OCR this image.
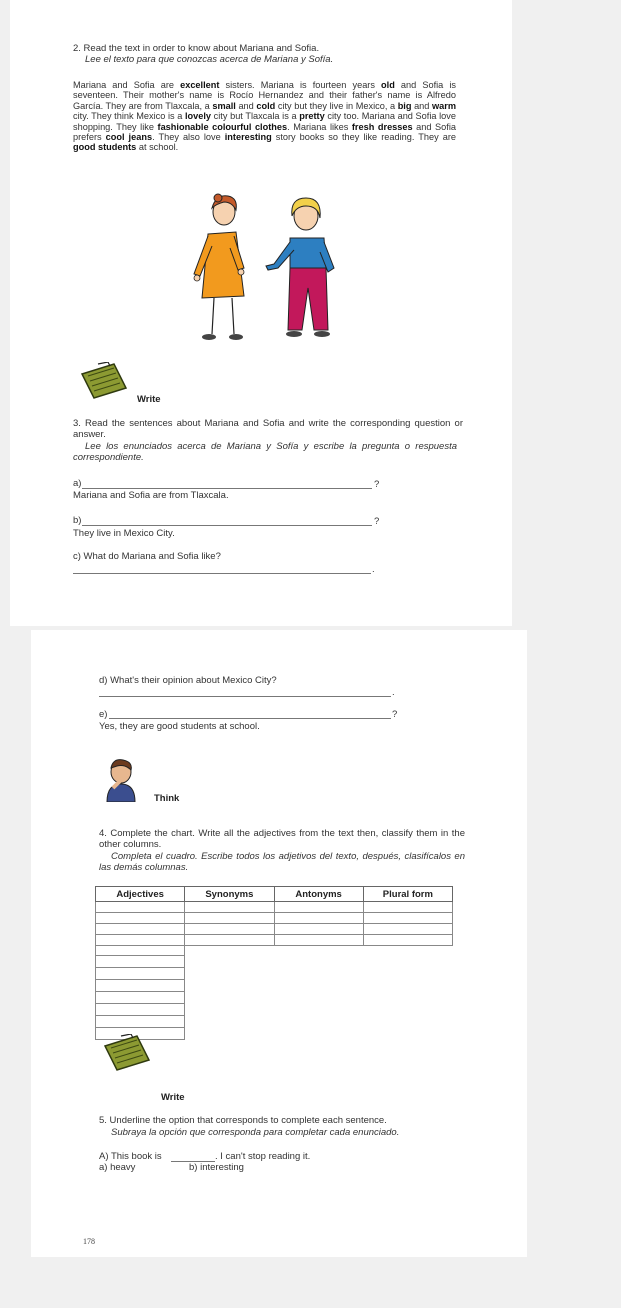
2. Read the text in order to know about Mariana and Sofia.
Lee el texto para que conozcas acerca de Mariana y Sofía.
Mariana and Sofia are excellent sisters. Mariana is fourteen years old and Sofia is seventeen. Their mother's name is Rocío Hernandez and their father's name is Alfredo García. They are from Tlaxcala, a small and cold city but they live in Mexico, a big and warm city. They think Mexico is a lovely city but Tlaxcala is a pretty city too. Mariana and Sofia love shopping. They like fashionable colourful clothes. Mariana likes fresh dresses and Sofia prefers cool jeans. They also love interesting story books so they like reading. They are good students at school.
Write
3. Read the sentences about Mariana and Sofia and write the corresponding question or answer.
Lee los enunciados acerca de Mariana y Sofía y escribe la pregunta o respuesta correspondiente.
a)	?
Mariana and Sofia are from Tlaxcala.
b)	?
They live in Mexico City.
c) What do Mariana and Sofia like?
.
d) What's their opinion about Mexico City?
.
e)	?
Yes, they are good students at school.
Think
4. Complete the chart. Write all the adjectives from the text then, classify them in the other columns.
Completa el cuadro. Escribe todos los adjetivos del texto, después, clasifícalos en las demás columnas.
Adjectives	Synonyms	Antonyms	Plural form

Write
5. Underline the option that corresponds to complete each sentence.
Subraya la opción que corresponda para completar cada enunciado.
A) This book is	. I can't stop reading it.
a) heavy	b) interesting
178
